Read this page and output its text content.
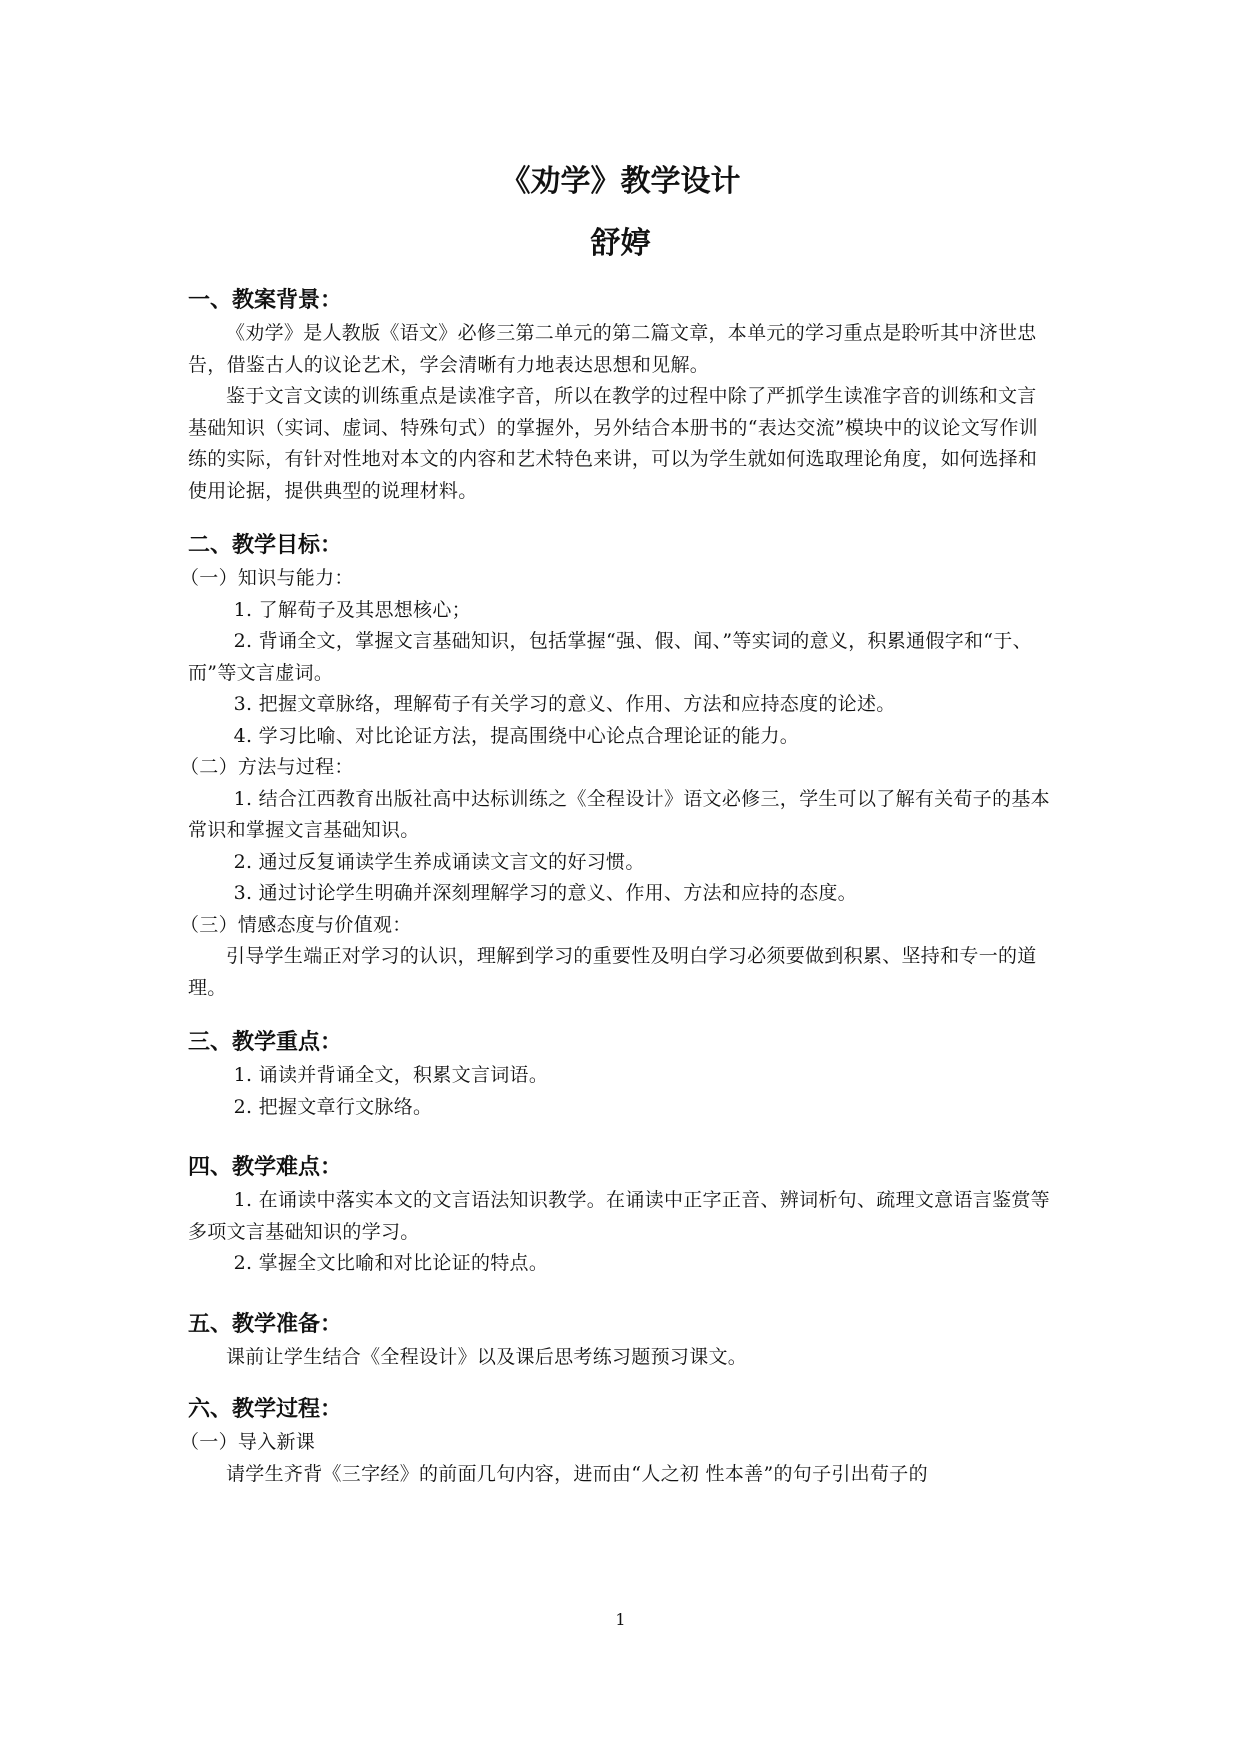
《劝学》教学设计
舒婷
一、教案背景：

《劝学》是人教版《语文》必修三第二单元的第二篇文章，本单元的学习重点是聆听其中济世忠告，借鉴古人的议论艺术，学会清晰有力地表达思想和见解。

鉴于文言文读的训练重点是读准字音，所以在教学的过程中除了严抓学生读准字音的训练和文言基础知识（实词、虚词、特殊句式）的掌握外，另外结合本册书的“表达交流”模块中的议论文写作训练的实际，有针对性地对本文的内容和艺术特色来讲，可以为学生就如何选取理论角度，如何选择和使用论据，提供典型的说理材料。

二、教学目标：

（一）知识与能力：

1. 了解荀子及其思想核心；

2. 背诵全文，掌握文言基础知识，包括掌握“强、假、闻、”等实词的意义，积累通假字和“于、而”等文言虚词。

3. 把握文章脉络，理解荀子有关学习的意义、作用、方法和应持态度的论述。

4. 学习比喻、对比论证方法，提高围绕中心论点合理论证的能力。

（二）方法与过程：

1. 结合江西教育出版社高中达标训练之《全程设计》语文必修三，学生可以了解有关荀子的基本常识和掌握文言基础知识。

2. 通过反复诵读学生养成诵读文言文的好习惯。

3. 通过讨论学生明确并深刻理解学习的意义、作用、方法和应持的态度。

（三）情感态度与价值观：

引导学生端正对学习的认识，理解到学习的重要性及明白学习必须要做到积累、坚持和专一的道理。

三、教学重点：

1. 诵读并背诵全文，积累文言词语。

2. 把握文章行文脉络。

四、教学难点：

1. 在诵读中落实本文的文言语法知识教学。在诵读中正字正音、辨词析句、疏理文意语言鉴赏等多项文言基础知识的学习。

2. 掌握全文比喻和对比论证的特点。

五、教学准备：

课前让学生结合《全程设计》以及课后思考练习题预习课文。

六、教学过程：

（一）导入新课

请学生齐背《三字经》的前面几句内容，进而由“人之初 性本善”的句子引出荀子的

1
